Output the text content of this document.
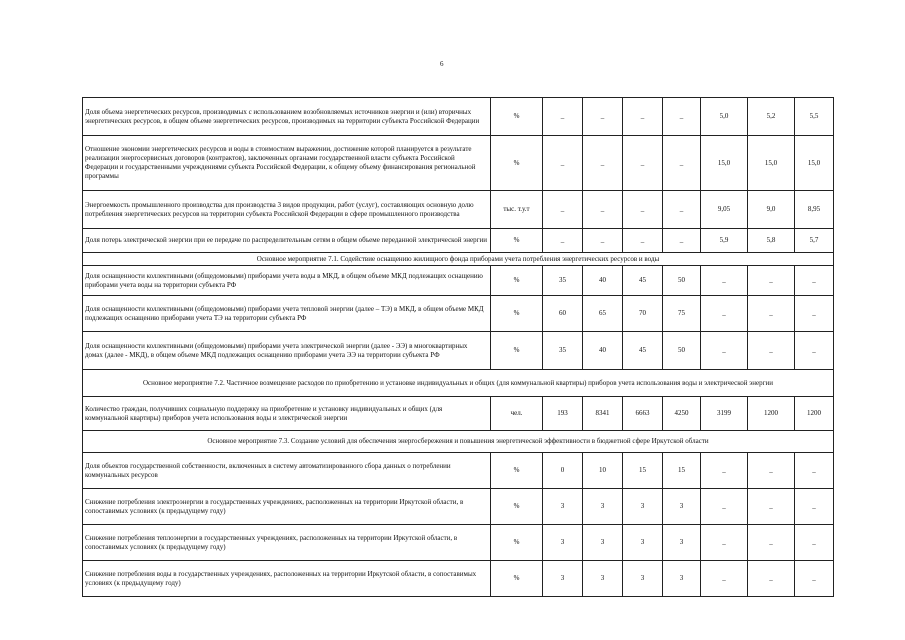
6
Доля объема энергетических ресурсов, производимых с использованием возобновляемых источников энергии и (или) вторичных энергетических ресурсов, в общем объеме энергетических ресурсов, производимых на территории субъекта Российской Федерации	%	_	_	_	_	5,0	5,2	5,5
Отношение экономии энергетических ресурсов и воды в стоимостном выражении, достижение которой планируется в результате реализации энергосервисных договоров (контрактов), заключенных органами государственной власти субъекта Российской Федерации и государственными учреждениями субъекта Российской Федерации, к общему объему финансирования региональной программы	%	_	_	_	_	15,0	15,0	15,0
Энергоемкость промышленного производства для производства 3 видов продукции, работ (услуг), составляющих основную долю потребления энергетических ресурсов на территории субъекта Российской Федерации в сфере промышленного производства	тыс. т.у.т	_	_	_	_	9,05	9,0	8,95
Доля потерь электрической энергии при ее передаче по распределительным сетям в общем объеме переданной электрической энергии	%	_	_	_	_	5,9	5,8	5,7
Основное мероприятие 7.1. Содействие оснащению жилищного фонда приборами учета потребления энергетических ресурсов и воды								
Доля оснащенности коллективными (общедомовыми) приборами учета воды в МКД, в общем объеме МКД подлежащих оснащению приборами учета воды на территории субъекта РФ	%	35	40	45	50	_	_	_
Доля оснащенности коллективными (общедомовыми) приборами учета тепловой энергии (далее – ТЭ) в МКД, в общем объеме МКД подлежащих оснащению приборами учета ТЭ на территории субъекта РФ	%	60	65	70	75	_	_	_
Доля оснащенности коллективными (общедомовыми) приборами учета электрической энергии (далее - ЭЭ) в многоквартирных домах (далее - МКД), в общем объеме МКД подлежащих оснащению приборами учета ЭЭ на территории субъекта РФ	%	35	40	45	50	_	_	_
Основное мероприятие 7.2. Частичное возмещение расходов по приобретению и установке индивидуальных и общих (для коммунальной квартиры) приборов учета использования воды и электрической энергии								
Количество граждан, получивших социальную поддержку на приобретение и установку индивидуальных и общих (для коммунальной квартиры) приборов учета использования воды и электрической энергии	чел.	193	8341	6663	4250	3199	1200	1200
Основное мероприятие 7.3. Создание условий для обеспечения энергосбережения и повышения энергетической эффективности в бюджетной сфере Иркутской области								
Доля объектов государственной собственности, включенных в систему автоматизированного сбора данных о потреблении коммунальных ресурсов	%	0	10	15	15	_	_	_
Снижение потребления электроэнергии в государственных учреждениях, расположенных на территории Иркутской области, в сопоставимых условиях (к предыдущему году)	%	3	3	3	3	_	_	_
Снижение потребления теплоэнергии в государственных учреждениях, расположенных на территории Иркутской области, в сопоставимых условиях (к предыдущему году)	%	3	3	3	3	_	_	_
Снижение потребления воды в государственных учреждениях, расположенных на территории Иркутской области, в сопоставимых условиях (к предыдущему году)	%	3	3	3	3	_	_	_
